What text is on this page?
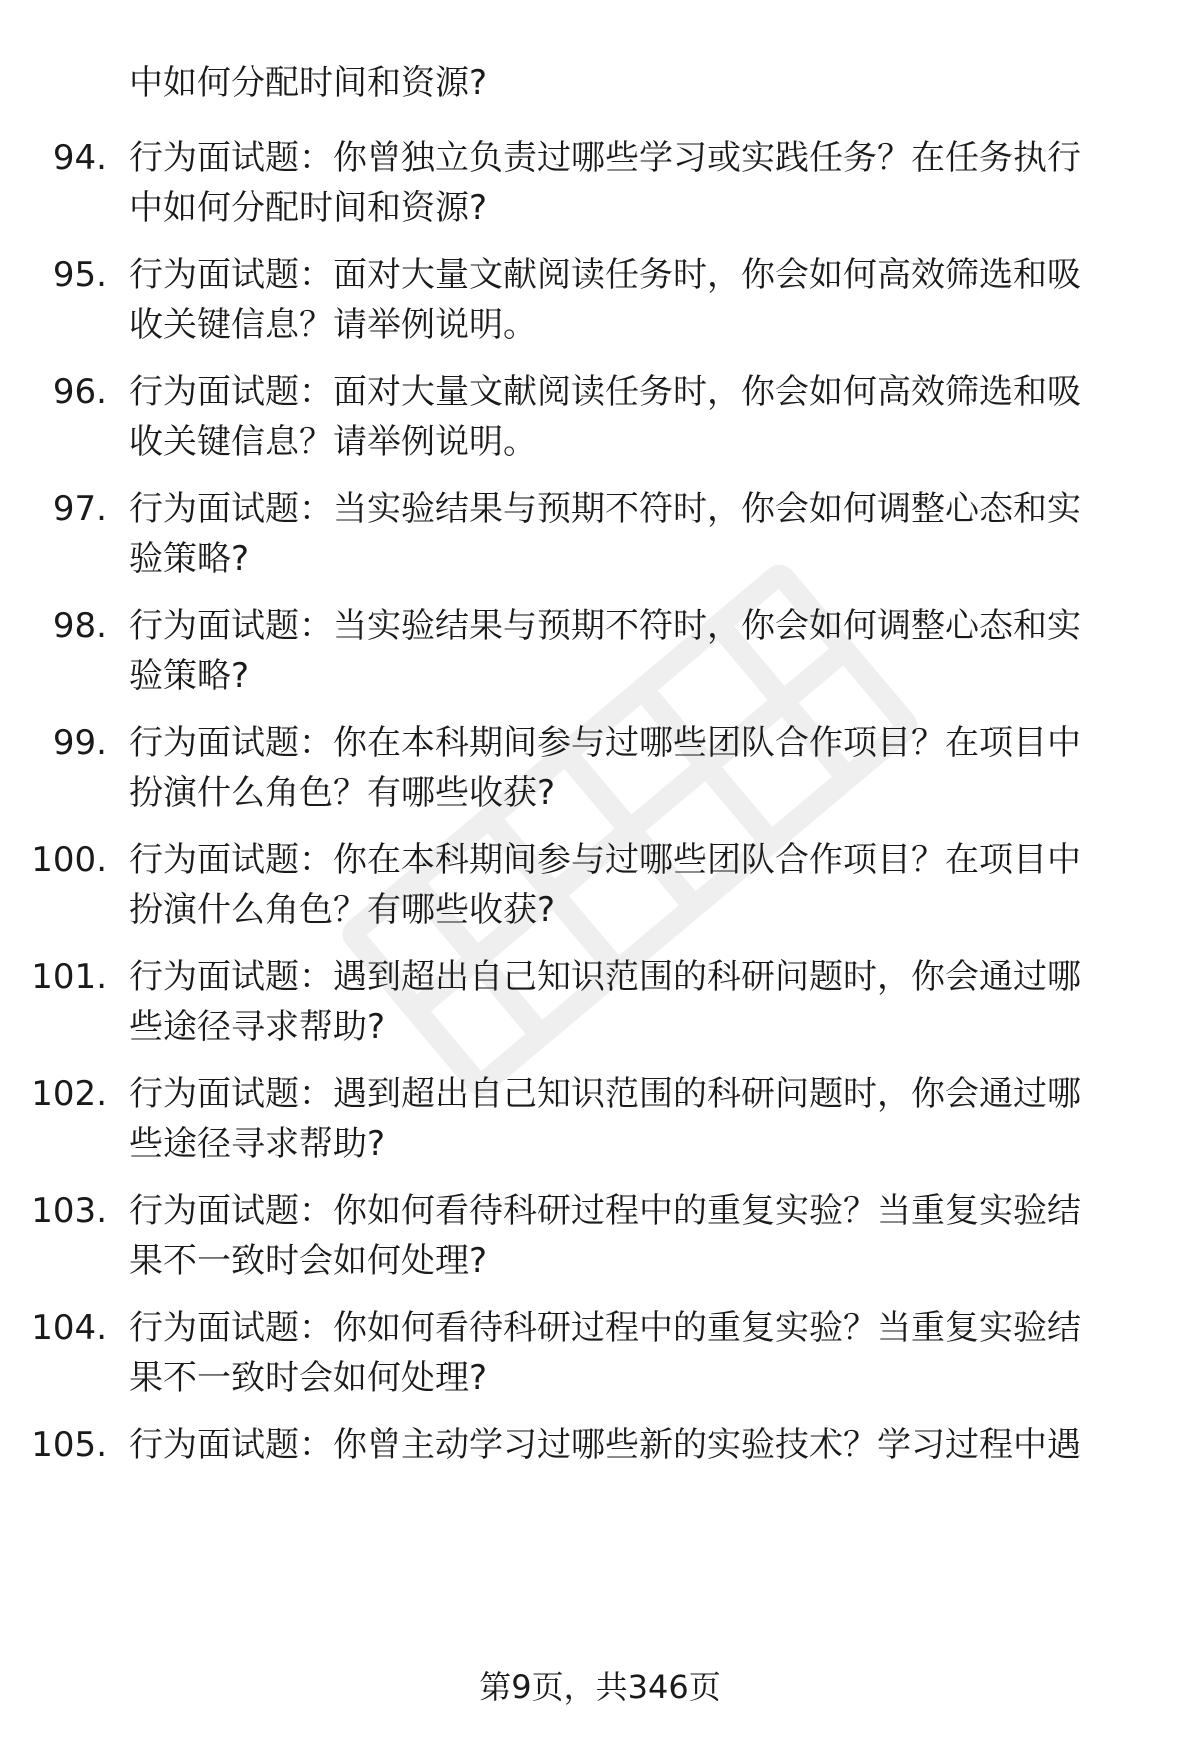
中如何分配时间和资源?
94. 行为面试题：你曾独立负责过哪些学习或实践任务？在任务执行
中如何分配时间和资源?
95. 行为面试题：面对大量文献阅读任务时，你会如何高效筛选和吸
收关键信息？请举例说明。
96. 行为面试题：面对大量文献阅读任务时，你会如何高效筛选和吸
收关键信息？请举例说明。
97. 行为面试题：当实验结果与预期不符时，你会如何调整心态和实
验策略?
98. 行为面试题：当实验结果与预期不符时，你会如何调整心态和实
验策略?
99. 行为面试题：你在本科期间参与过哪些团队合作项目？在项目中
扮演什么角色？有哪些收获?
100. 行为面试题：你在本科期间参与过哪些团队合作项目？在项目中
扮演什么角色？有哪些收获?
101. 行为面试题：遇到超出自己知识范围的科研问题时，你会通过哪
些途径寻求帮助?
102. 行为面试题：遇到超出自己知识范围的科研问题时，你会通过哪
些途径寻求帮助?
103. 行为面试题：你如何看待科研过程中的重复实验？当重复实验结
果不一致时会如何处理?
104. 行为面试题：你如何看待科研过程中的重复实验？当重复实验结
果不一致时会如何处理?
105. 行为面试题：你曾主动学习过哪些新的实验技术？学习过程中遇
第9页，共346页
